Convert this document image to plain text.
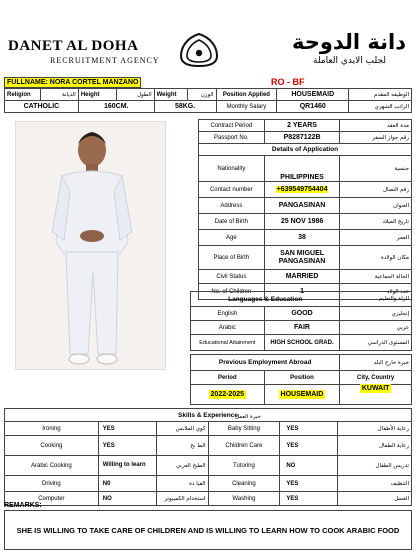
DANET AL DOHA
RECRUITMENT AGENCY
دانة الدوحة
لجلب الايدي العاملة
FULLNAME: NORA CORTEL MANZANO	RO - BF
Religion	الديانة	Height	الطول	Weight	الوزن	Position Applied	HOUSEMAID	الوظيفه المقدم
CATHOLIC		160CM.		58KG.		Monthly Salary	QR1460	الراتب الشهري
Contract Period	2 YEARS	مدة العقد
Passport No.	P8287122B	رقم جواز السفر
Details of Application		
Nationality	PHILIPPINES	جنسية
Contact number	+639549754404	رقم التصال
Address	PANGASINAN	العنوان
Date of Birth	25 NOV 1986	تاريخ الميلاد
Age	38	العمر
Place of Birth	SAN MIGUEL PANGASINAN	مكان الولادة
Civil Status	MARRIED	الحالة الجماعية
No. of Children	1	عدد الولاد
Languages & Education		الزلة والتعليم
English	GOOD	إنجليزي
Arabic	FAIR	عربي
Educational Attainment	HIGH SCHOOL GRAD.	المستوى الدراسي
Previous Employment Abroad		خبرة خارج البلد
Period	Position	City, Country
2022-2025	HOUSEMAID	KUWAIT
Skills & Experience
خبرة العمل					

Ironing	YES	كوي الملابس	Baby Sitting	YES	رعاية الأطفال
Cooking	YES	الط بخ	Children Care	YES	رعاية الطفال
Arabic Cooking	Willing to learn	الطبخ العربي	Tutoring	NO	تدريس الطفال
Driving	N0	القيا دة	Cleaning	YES	التنظيف
Computer	NO	استخدام الكمبيوتر	Washing	YES	الغسل
REMARKS:
SHE IS WILLING TO TAKE CARE OF CHILDREN AND IS WILLING TO LEARN HOW TO COOK ARABIC FOOD
